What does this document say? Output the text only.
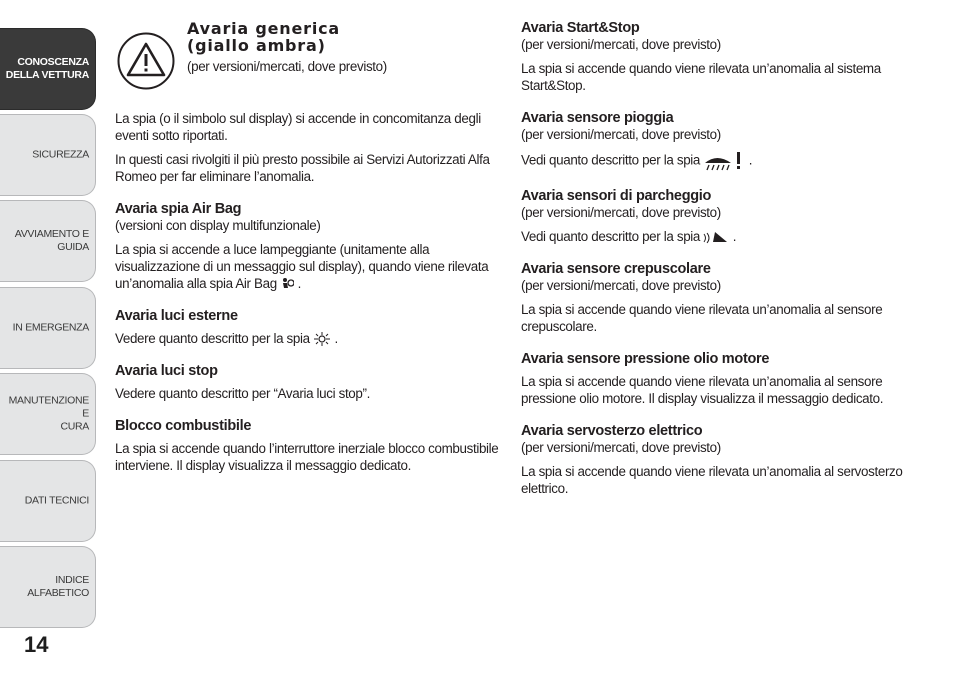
CONOSCENZA
DELLA VETTURA
SICUREZZA
AVVIAMENTO E
GUIDA
IN EMERGENZA
MANUTENZIONE E
CURA
DATI TECNICI
INDICE ALFABETICO
14
Avaria generica
(giallo ambra)
(per versioni/mercati, dove previsto)

La spia (o il simbolo sul display) si accende in concomitanza degli eventi sotto riportati.

In questi casi rivolgiti il più presto possibile ai Servizi Autorizzati Alfa Romeo per far eliminare l’anomalia.

Avaria spia Air Bag

(versioni con display multifunzionale)

La spia si accende a luce lampeggiante (unitamente alla visualizzazione di un messaggio sul display), quando viene rilevata un’anomalia alla spia Air Bag .

Avaria luci esterne

Vedere quanto descritto per la spia .

Avaria luci stop

Vedere quanto descritto per “Avaria luci stop”.

Blocco combustibile

La spia si accende quando l’interruttore inerziale blocco combustibile interviene. Il display visualizza il messaggio dedicato.

Avaria Start&Stop

(per versioni/mercati, dove previsto)

La spia si accende quando viene rilevata un’anomalia al sistema Start&Stop.

Avaria sensore pioggia

(per versioni/mercati, dove previsto)

Vedi quanto descritto per la spia	.

Avaria sensori di parcheggio

(per versioni/mercati, dove previsto)

Vedi quanto descritto per la spia .

Avaria sensore crepuscolare

(per versioni/mercati, dove previsto)

La spia si accende quando viene rilevata un’anomalia al sensore crepuscolare.

Avaria sensore pressione olio motore

La spia si accende quando viene rilevata un’anomalia al sensore pressione olio motore. Il display visualizza il messaggio dedicato.

Avaria servosterzo elettrico

(per versioni/mercati, dove previsto)

La spia si accende quando viene rilevata un’anomalia al servosterzo elettrico.
